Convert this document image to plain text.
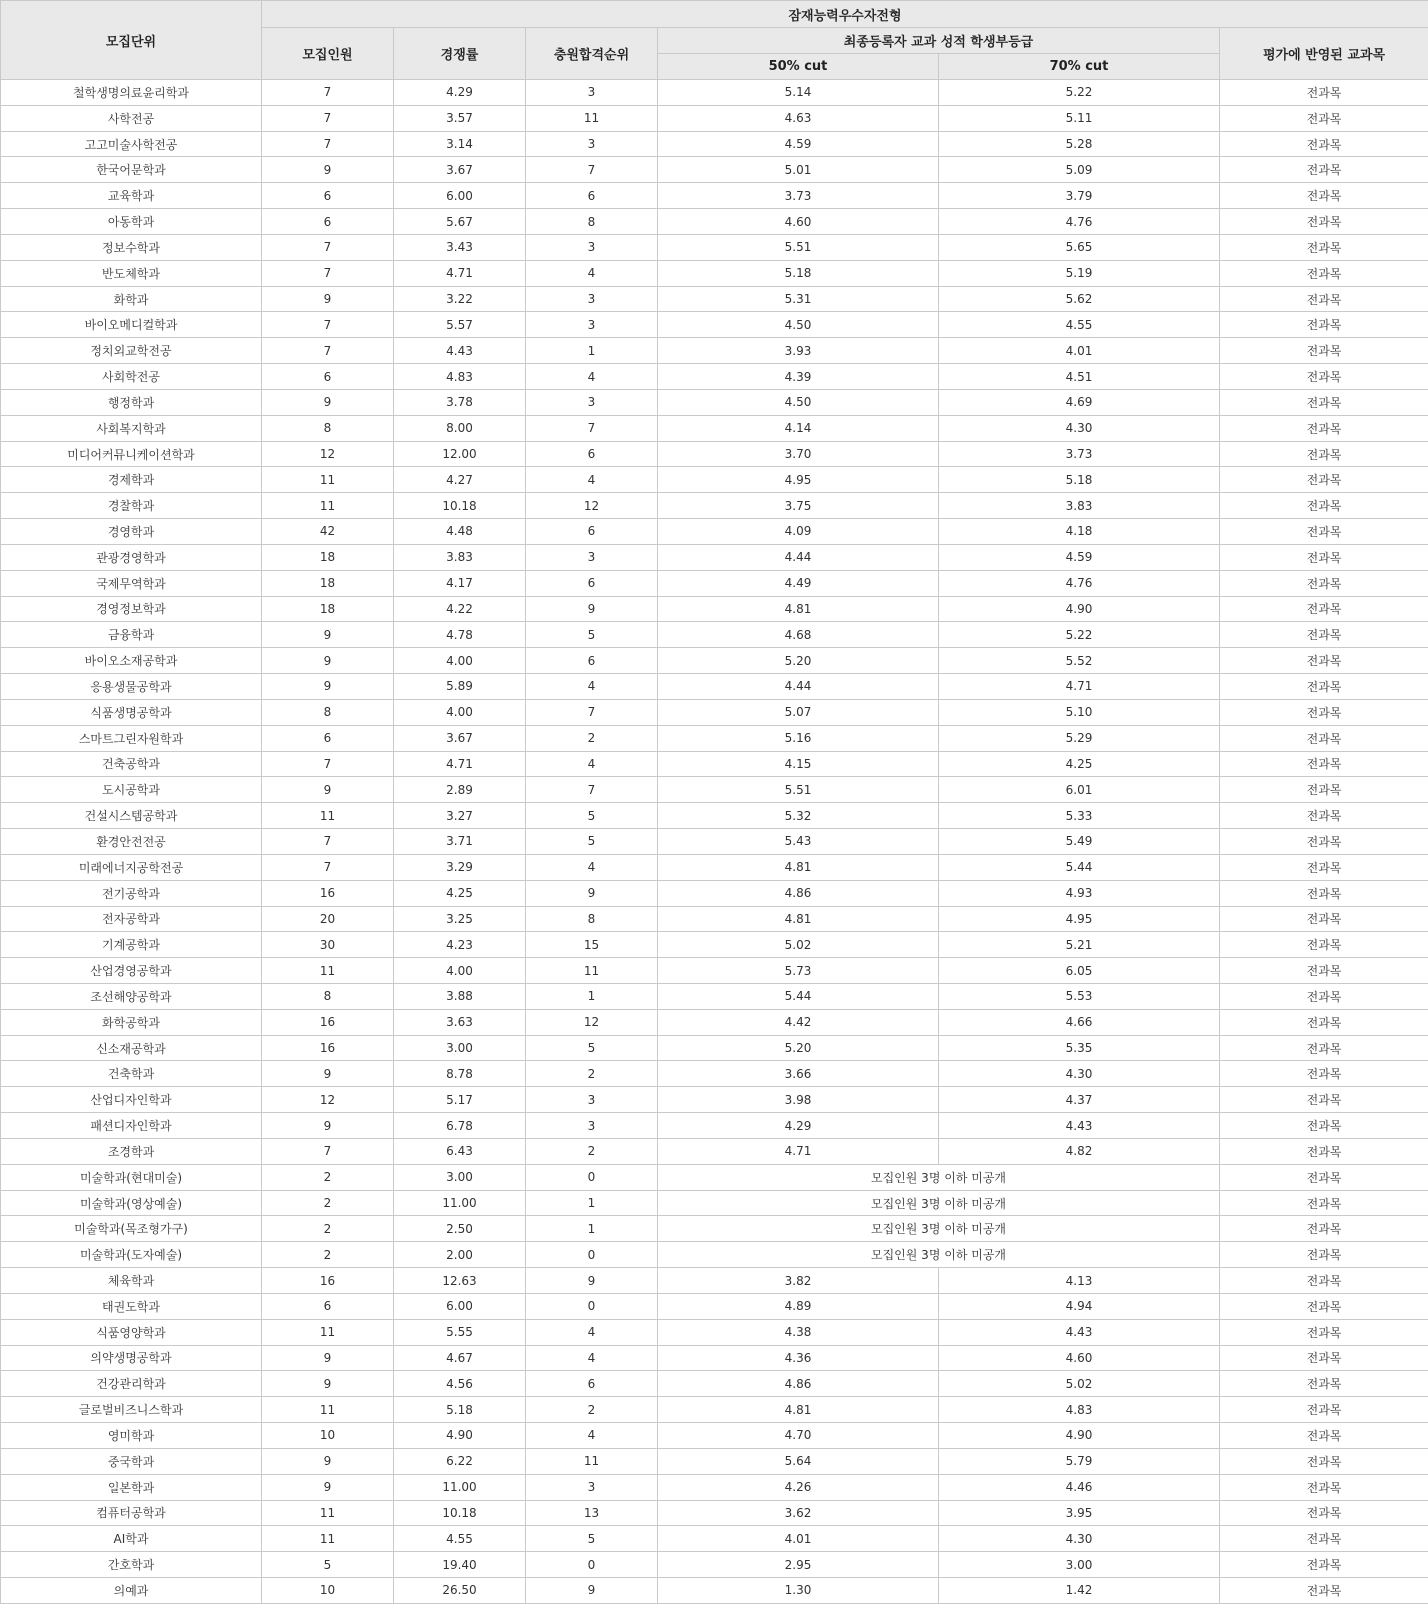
모집단위	잠재능력우수자전형					
	모집인원	경쟁률	충원합격순위	최종등록자 교과 성적 학생부등급		평가에 반영된 교과목
				50% cut	70% cut	
철학생명의료윤리학과	7	4.29	3	5.14	5.22	전과목
사학전공	7	3.57	11	4.63	5.11	전과목
고고미술사학전공	7	3.14	3	4.59	5.28	전과목
한국어문학과	9	3.67	7	5.01	5.09	전과목
교육학과	6	6.00	6	3.73	3.79	전과목
아동학과	6	5.67	8	4.60	4.76	전과목
정보수학과	7	3.43	3	5.51	5.65	전과목
반도체학과	7	4.71	4	5.18	5.19	전과목
화학과	9	3.22	3	5.31	5.62	전과목
바이오메디컬학과	7	5.57	3	4.50	4.55	전과목
정치외교학전공	7	4.43	1	3.93	4.01	전과목
사회학전공	6	4.83	4	4.39	4.51	전과목
행정학과	9	3.78	3	4.50	4.69	전과목
사회복지학과	8	8.00	7	4.14	4.30	전과목
미디어커뮤니케이션학과	12	12.00	6	3.70	3.73	전과목
경제학과	11	4.27	4	4.95	5.18	전과목
경찰학과	11	10.18	12	3.75	3.83	전과목
경영학과	42	4.48	6	4.09	4.18	전과목
관광경영학과	18	3.83	3	4.44	4.59	전과목
국제무역학과	18	4.17	6	4.49	4.76	전과목
경영정보학과	18	4.22	9	4.81	4.90	전과목
금융학과	9	4.78	5	4.68	5.22	전과목
바이오소재공학과	9	4.00	6	5.20	5.52	전과목
응용생물공학과	9	5.89	4	4.44	4.71	전과목
식품생명공학과	8	4.00	7	5.07	5.10	전과목
스마트그린자원학과	6	3.67	2	5.16	5.29	전과목
건축공학과	7	4.71	4	4.15	4.25	전과목
도시공학과	9	2.89	7	5.51	6.01	전과목
건설시스템공학과	11	3.27	5	5.32	5.33	전과목
환경안전전공	7	3.71	5	5.43	5.49	전과목
미래에너지공학전공	7	3.29	4	4.81	5.44	전과목
전기공학과	16	4.25	9	4.86	4.93	전과목
전자공학과	20	3.25	8	4.81	4.95	전과목
기계공학과	30	4.23	15	5.02	5.21	전과목
산업경영공학과	11	4.00	11	5.73	6.05	전과목
조선해양공학과	8	3.88	1	5.44	5.53	전과목
화학공학과	16	3.63	12	4.42	4.66	전과목
신소재공학과	16	3.00	5	5.20	5.35	전과목
건축학과	9	8.78	2	3.66	4.30	전과목
산업디자인학과	12	5.17	3	3.98	4.37	전과목
패션디자인학과	9	6.78	3	4.29	4.43	전과목
조경학과	7	6.43	2	4.71	4.82	전과목
미술학과(현대미술)	2	3.00	0	모집인원 3명 이하 미공개		전과목
미술학과(영상예술)	2	11.00	1	모집인원 3명 이하 미공개		전과목
미술학과(목조형가구)	2	2.50	1	모집인원 3명 이하 미공개		전과목
미술학과(도자예술)	2	2.00	0	모집인원 3명 이하 미공개		전과목
체육학과	16	12.63	9	3.82	4.13	전과목
태권도학과	6	6.00	0	4.89	4.94	전과목
식품영양학과	11	5.55	4	4.38	4.43	전과목
의약생명공학과	9	4.67	4	4.36	4.60	전과목
건강관리학과	9	4.56	6	4.86	5.02	전과목
글로벌비즈니스학과	11	5.18	2	4.81	4.83	전과목
영미학과	10	4.90	4	4.70	4.90	전과목
중국학과	9	6.22	11	5.64	5.79	전과목
일본학과	9	11.00	3	4.26	4.46	전과목
컴퓨터공학과	11	10.18	13	3.62	3.95	전과목
AI학과	11	4.55	5	4.01	4.30	전과목
간호학과	5	19.40	0	2.95	3.00	전과목
의예과	10	26.50	9	1.30	1.42	전과목
